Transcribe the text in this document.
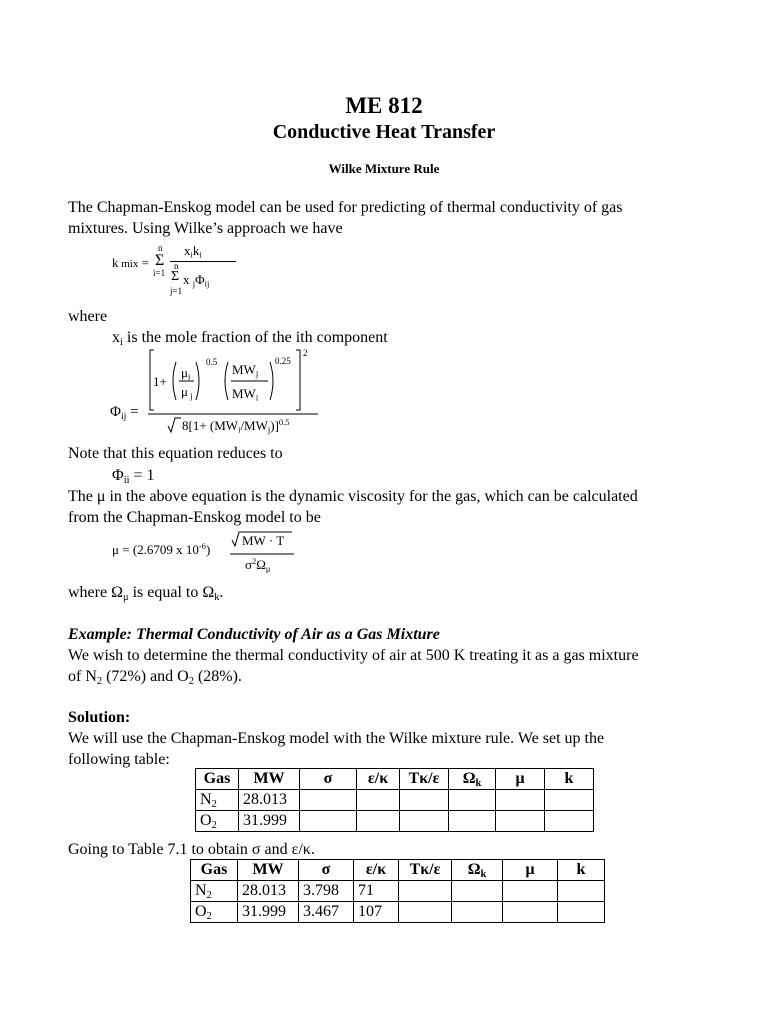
ME 812
Conductive Heat Transfer
Wilke Mixture Rule
The Chapman-Enskog model can be used for predicting of thermal conductivity of gas
mixtures. Using Wilke’s approach we have
k mix =
n
Σ
i=1
$x_ik_i$
n
Σ x $_j\Phi_{ij}$
j=1
where
$x_i$ is the mole fraction of the ith component
$\Phi_{ij}$ =
1+
$\mu_i$
μ $_j$
0.5 $MW_j$
$MW_i$
0.25
2
$8[1+ (MW_i/MW_j)]^{0.5}$
Note that this equation reduces to
$\Phi_{ii} = 1$
The μ in the above equation is the dynamic viscosity for the gas, which can be calculated
from the Chapman-Enskog model to be
μ = (2.6709 x $10^{-6}$)
MW · T
$\sigma^2\Omega_\mu$
where $\Omega_\mu$ is equal to $\Omega_k$.
Example: Thermal Conductivity of Air as a Gas Mixture
We wish to determine the thermal conductivity of air at 500 K treating it as a gas mixture
of $N_2$ (72%) and $O_2$ (28%).
Solution:
We will use the Chapman-Enskog model with the Wilke mixture rule. We set up the
following table:
Gas	MW	σ	ε/κ	Tκ/ε	$\Omega_k$	μ	k
$N_2$	28.013						
$O_2$	31.999						
Going to Table 7.1 to obtain σ and ε/κ.
Gas	MW	σ	ε/κ	Tκ/ε	$\Omega_k$	μ	k
$N_2$	28.013	3.798	71				
$O_2$	31.999	3.467	107				
